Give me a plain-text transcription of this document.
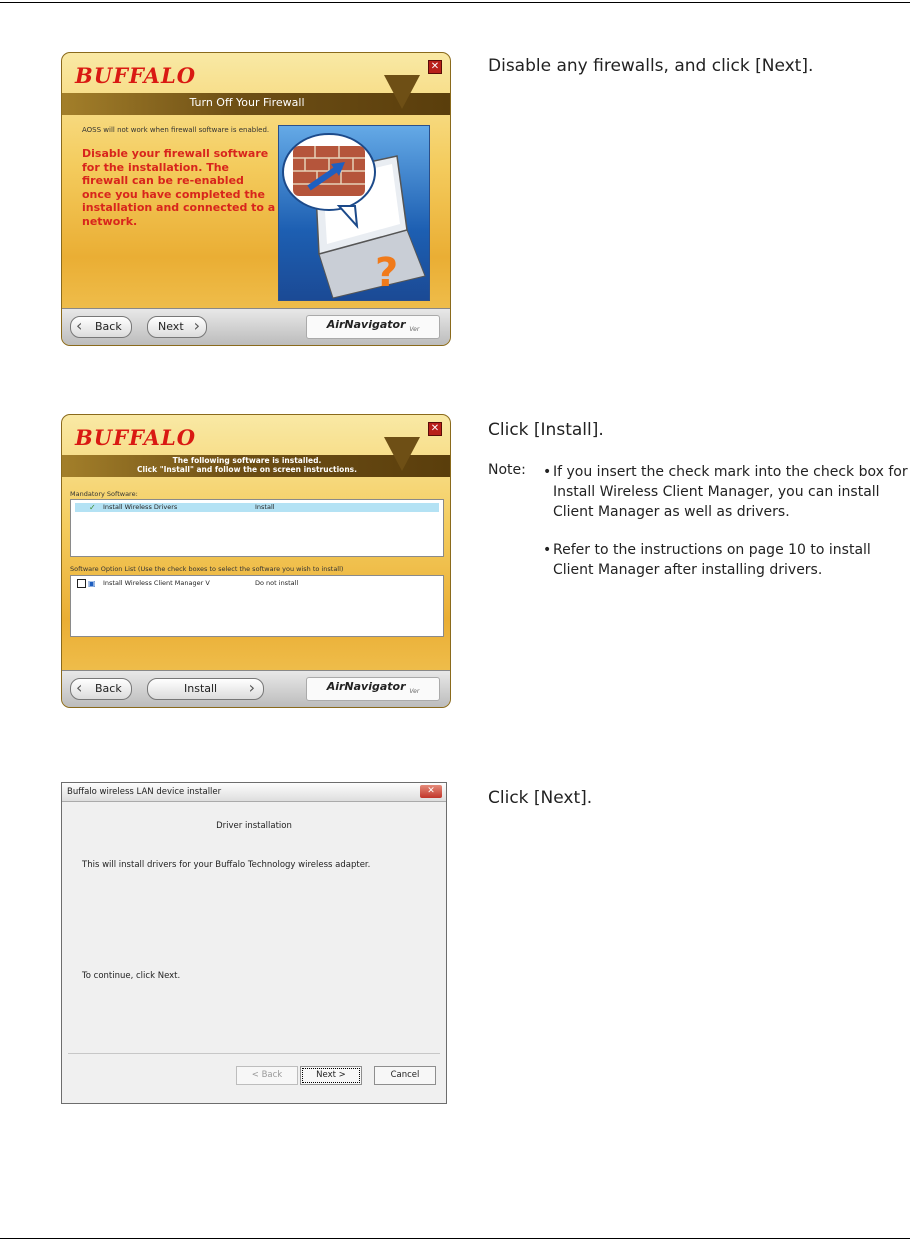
BUFFALO	✕
Turn Off Your Firewall
AOSS will not work when firewall software is enabled.
Disable your firewall software for the installation. The firewall can be re-enabled once you have completed the installation and connected to a network.
?
‹ Back	Next ›	AirNavigator $_{Ver}$
Disable any firewalls, and click [Next].
BUFFALO	✕
The following software is installed.
Click "Install" and follow the on screen instructions.
Mandatory Software:
✓ Install Wireless Drivers	Install
Software Option List (Use the check boxes to select the software you wish to install)
▣ Install Wireless Client Manager V	Do not install
‹ Back	Install ›	AirNavigator $_{Ver}$
Click [Install].
Note: • If you insert the check mark into the check box for Install Wireless Client Manager, you can install Client Manager as well as drivers.
• Refer to the instructions on page 10 to install Client Manager after installing drivers.
Buffalo wireless LAN device installer	✕
Driver installation
This will install drivers for your Buffalo Technology wireless adapter.
To continue, click Next.
< Back	Next >	Cancel
Click [Next].
